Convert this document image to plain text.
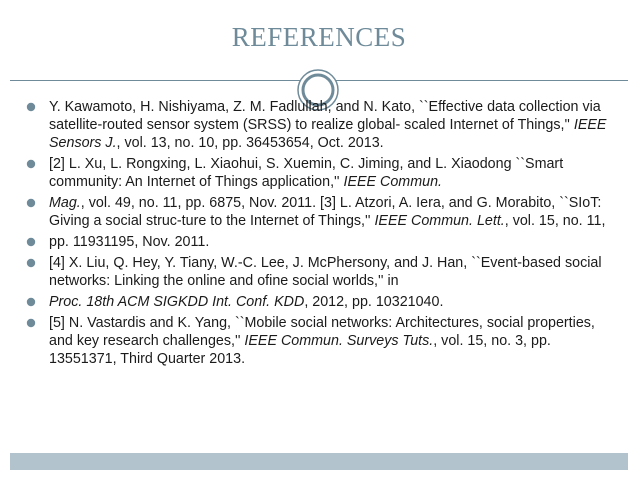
REFERENCES
Y. Kawamoto, H. Nishiyama, Z. M. Fadlullah, and N. Kato, ``Effective data collection via satellite-routed sensor system (SRSS) to realize global- scaled Internet of Things,'' IEEE Sensors J., vol. 13, no. 10, pp. 36453654, Oct. 2013.
[2] L. Xu, L. Rongxing, L. Xiaohui, S. Xuemin, C. Jiming, and L. Xiaodong ``Smart community: An Internet of Things application,'' IEEE Commun.
Mag., vol. 49, no. 11, pp. 6875, Nov. 2011. [3] L. Atzori, A. Iera, and G. Morabito, ``SIoT: Giving a social struc-ture to the Internet of Things,'' IEEE Commun. Lett., vol. 15, no. 11,
pp. 11931195, Nov. 2011.
[4] X. Liu, Q. Hey, Y. Tiany, W.-C. Lee, J. McPhersony, and J. Han, ``Event-based social networks: Linking the online and ofine social worlds,'' in
Proc. 18th ACM SIGKDD Int. Conf. KDD, 2012, pp. 10321040.
[5] N. Vastardis and K. Yang, ``Mobile social networks: Architectures, social properties, and key research challenges,'' IEEE Commun. Surveys Tuts., vol. 15, no. 3, pp. 13551371, Third Quarter 2013.
